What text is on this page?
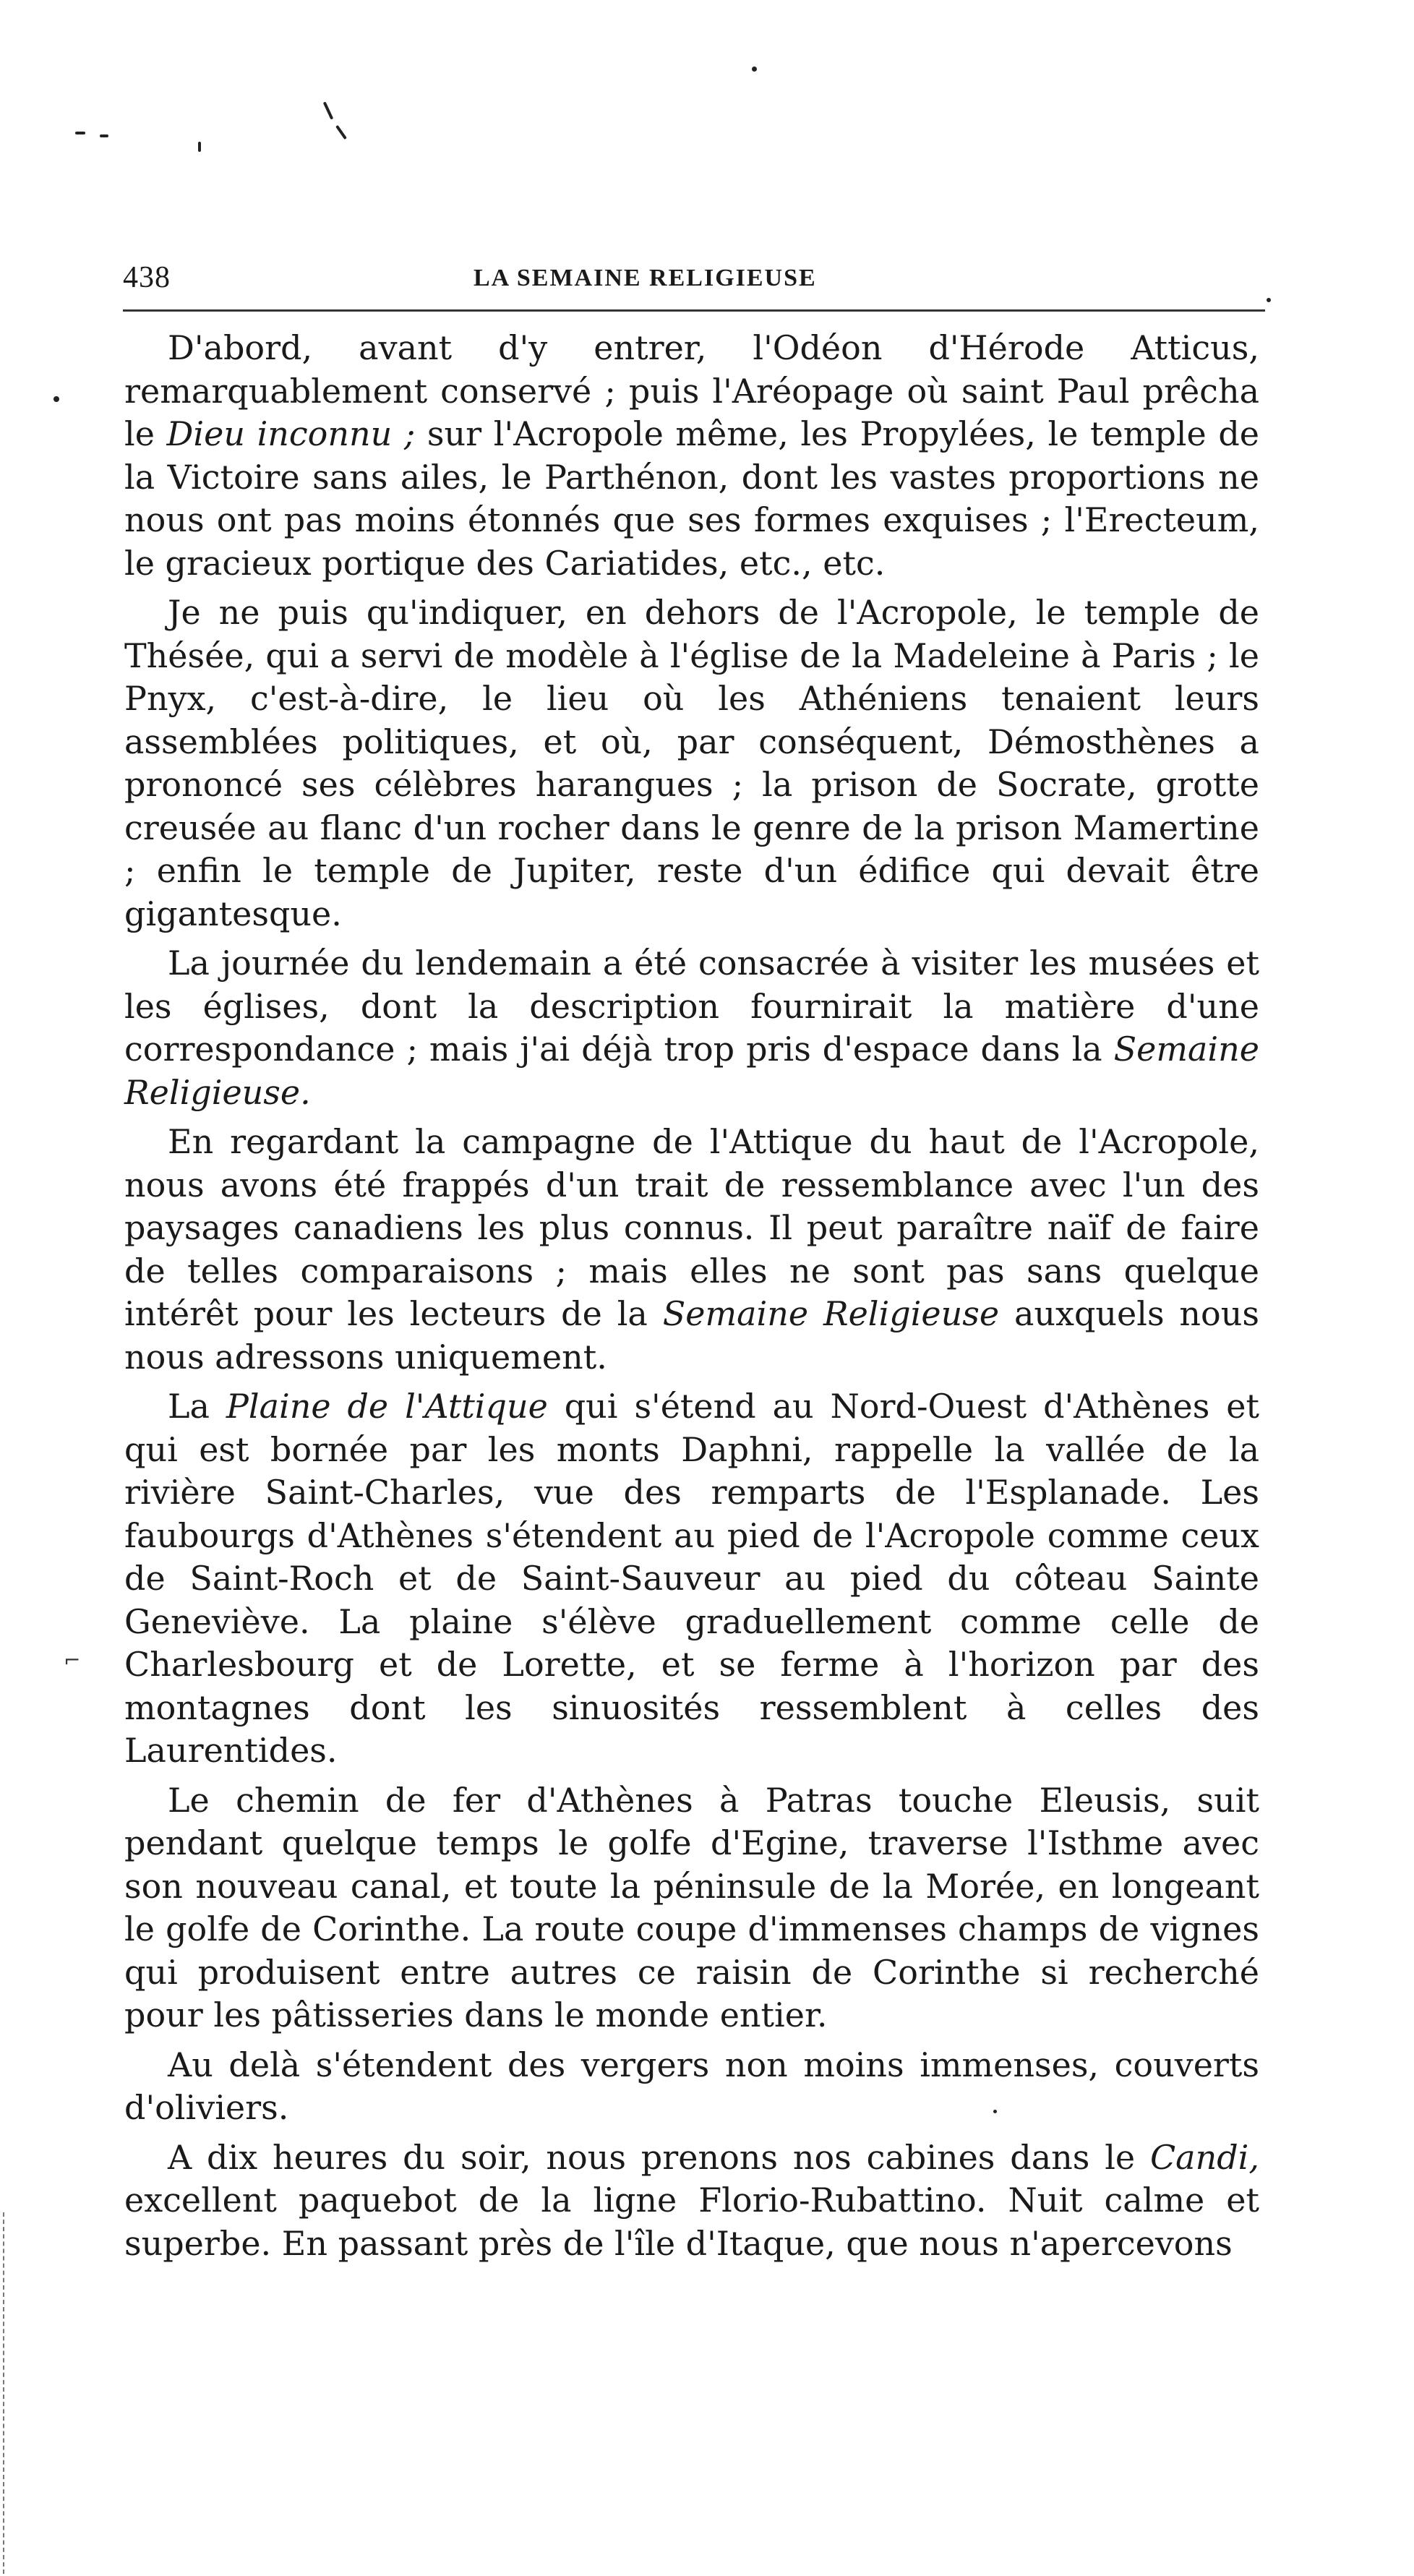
438	LA SEMAINE RELIGIEUSE

D'abord, avant d'y entrer, l'Odéon d'Hérode Atticus, remarquablement conservé ; puis l'Aréopage où saint Paul prêcha le Dieu inconnu ; sur l'Acropole même, les Propylées, le temple de la Victoire sans ailes, le Parthénon, dont les vastes proportions ne nous ont pas moins étonnés que ses formes exquises ; l'Erecteum, le gracieux portique des Cariatides, etc., etc.

Je ne puis qu'indiquer, en dehors de l'Acropole, le temple de Thésée, qui a servi de modèle à l'église de la Madeleine à Paris ; le Pnyx, c'est-à-dire, le lieu où les Athéniens tenaient leurs assemblées politiques, et où, par conséquent, Démosthènes a prononcé ses célèbres harangues ; la prison de Socrate, grotte creusée au flanc d'un rocher dans le genre de la prison Mamertine ; enfin le temple de Jupiter, reste d'un édifice qui devait être gigantesque.

La journée du lendemain a été consacrée à visiter les musées et les églises, dont la description fournirait la matière d'une correspondance ; mais j'ai déjà trop pris d'espace dans la Semaine Religieuse.

En regardant la campagne de l'Attique du haut de l'Acropole, nous avons été frappés d'un trait de ressemblance avec l'un des paysages canadiens les plus connus. Il peut paraître naïf de faire de telles comparaisons ; mais elles ne sont pas sans quelque intérêt pour les lecteurs de la Semaine Religieuse auxquels nous nous adressons uniquement.

La Plaine de l'Attique qui s'étend au Nord-Ouest d'Athènes et qui est bornée par les monts Daphni, rappelle la vallée de la rivière Saint-Charles, vue des remparts de l'Esplanade. Les faubourgs d'Athènes s'étendent au pied de l'Acropole comme ceux de Saint-Roch et de Saint-Sauveur au pied du côteau Sainte Geneviève. La plaine s'élève graduellement comme celle de Charlesbourg et de Lorette, et se ferme à l'horizon par des montagnes dont les sinuosités ressemblent à celles des Laurentides.

Le chemin de fer d'Athènes à Patras touche Eleusis, suit pendant quelque temps le golfe d'Egine, traverse l'Isthme avec son nouveau canal, et toute la péninsule de la Morée, en longeant le golfe de Corinthe. La route coupe d'immenses champs de vignes qui produisent entre autres ce raisin de Corinthe si recherché pour les pâtisseries dans le monde entier.

Au delà s'étendent des vergers non moins immenses, couverts d'oliviers.

A dix heures du soir, nous prenons nos cabines dans le Candi, excellent paquebot de la ligne Florio-Rubattino. Nuit calme et superbe. En passant près de l'île d'Itaque, que nous n'apercevons

⌐
